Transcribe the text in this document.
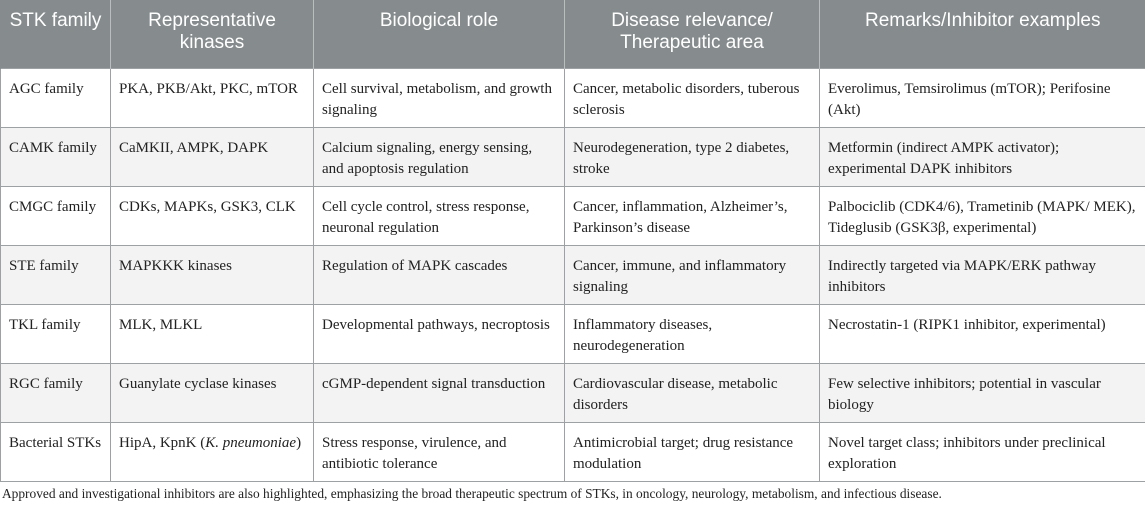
STK family	Representative kinases	Biological role	Disease relevance/ Therapeutic area	Remarks/Inhibitor examples
AGC family	PKA, PKB/Akt, PKC, mTOR	Cell survival, metabolism, and growth signaling	Cancer, metabolic disorders, tuberous sclerosis	Everolimus, Temsirolimus (mTOR); Perifosine (Akt)
CAMK family	CaMKII, AMPK, DAPK	Calcium signaling, energy sensing, and apoptosis regulation	Neurodegeneration, type 2 diabetes, stroke	Metformin (indirect AMPK activator); experimental DAPK inhibitors
CMGC family	CDKs, MAPKs, GSK3, CLK	Cell cycle control, stress response, neuronal regulation	Cancer, inflammation, Alzheimer’s, Parkinson’s disease	Palbociclib (CDK4/6), Trametinib (MAPK/ MEK), Tideglusib (GSK3β, experimental)
STE family	MAPKKK kinases	Regulation of MAPK cascades	Cancer, immune, and inflammatory signaling	Indirectly targeted via MAPK/ERK pathway inhibitors
TKL family	MLK, MLKL	Developmental pathways, necroptosis	Inflammatory diseases, neurodegeneration	Necrostatin-1 (RIPK1 inhibitor, experimental)
RGC family	Guanylate cyclase kinases	cGMP-dependent signal transduction	Cardiovascular disease, metabolic disorders	Few selective inhibitors; potential in vascular biology
Bacterial STKs	HipA, KpnK (K. pneumoniae)	Stress response, virulence, and antibiotic tolerance	Antimicrobial target; drug resistance modulation	Novel target class; inhibitors under preclinical exploration
Approved and investigational inhibitors are also highlighted, emphasizing the broad therapeutic spectrum of STKs, in oncology, neurology, metabolism, and infectious disease.
